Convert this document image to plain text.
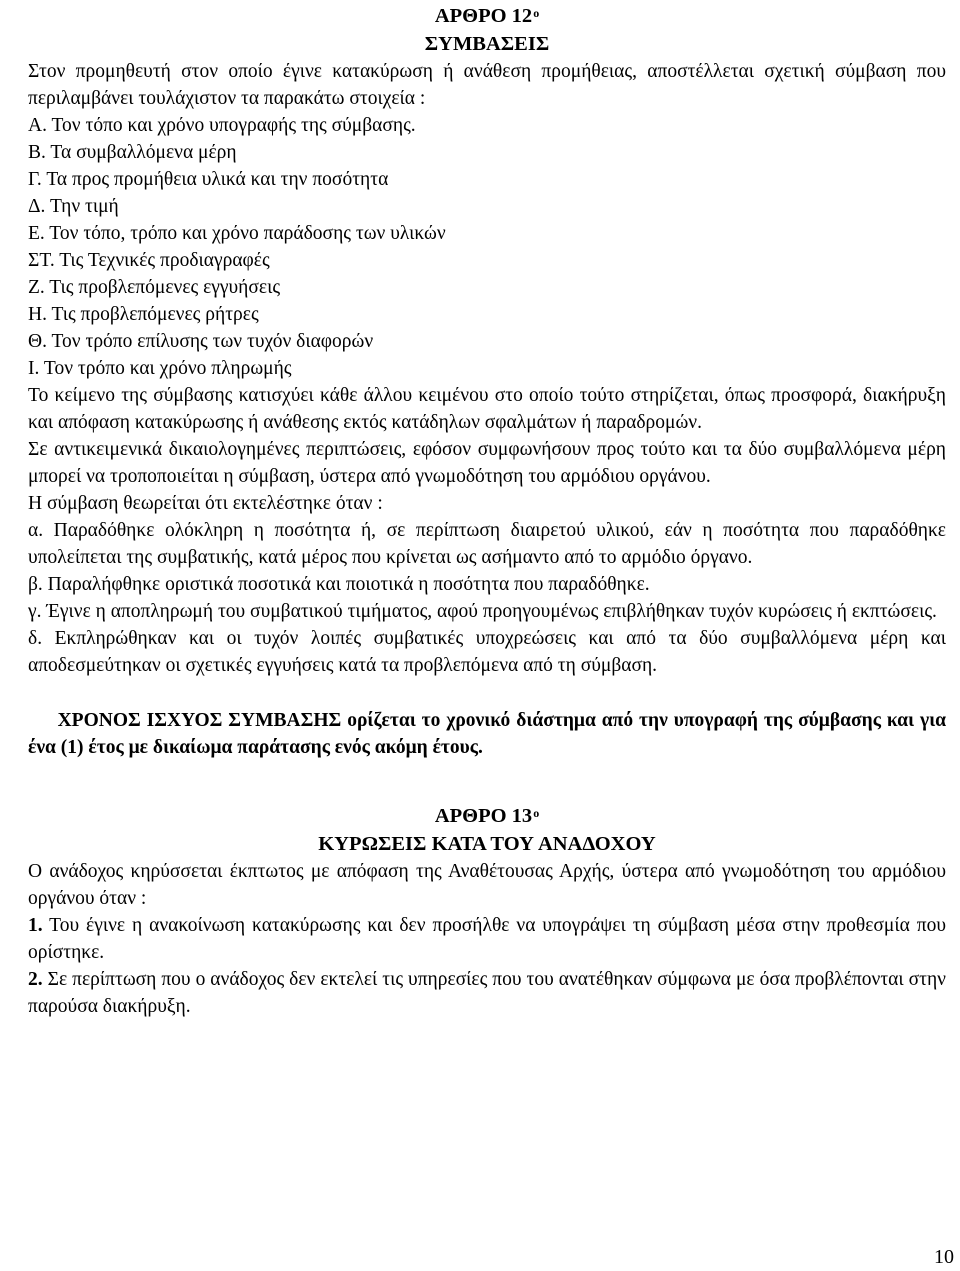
ΑΡΘΡΟ $12^o$
ΣΥΜΒΑΣΕΙΣ

Στον προμηθευτή στον οποίο έγινε κατακύρωση ή ανάθεση προμήθειας, αποστέλλεται σχετική σύμβαση που περιλαμβάνει τουλάχιστον τα παρακάτω στοιχεία :

Α. Τον τόπο και χρόνο υπογραφής της σύμβασης.
Β. Τα συμβαλλόμενα μέρη
Γ. Τα προς προμήθεια υλικά και την ποσότητα
Δ. Την τιμή
Ε. Τον τόπο, τρόπο και χρόνο παράδοσης των υλικών
ΣΤ. Τις Τεχνικές προδιαγραφές
Ζ. Τις προβλεπόμενες εγγυήσεις
Η. Τις προβλεπόμενες ρήτρες
Θ. Τον τρόπο επίλυσης των τυχόν διαφορών
Ι. Τον τρόπο και χρόνο πληρωμής

Το κείμενο της σύμβασης κατισχύει κάθε άλλου κειμένου στο οποίο τούτο στηρίζεται, όπως προσφορά, διακήρυξη και απόφαση κατακύρωσης ή ανάθεσης εκτός κατάδηλων σφαλμάτων ή παραδρομών.

Σε αντικειμενικά δικαιολογημένες περιπτώσεις, εφόσον συμφωνήσουν προς τούτο και τα δύο συμβαλλόμενα μέρη μπορεί να τροποποιείται η σύμβαση, ύστερα από γνωμοδότηση του αρμόδιου οργάνου.

Η σύμβαση θεωρείται ότι εκτελέστηκε όταν :

α. Παραδόθηκε ολόκληρη η ποσότητα ή, σε περίπτωση διαιρετού υλικού, εάν η ποσότητα που παραδόθηκε υπολείπεται της συμβατικής, κατά μέρος που κρίνεται ως ασήμαντο από το αρμόδιο όργανο.

β. Παραλήφθηκε οριστικά ποσοτικά και ποιοτικά η ποσότητα που παραδόθηκε.

γ. Έγινε η αποπληρωμή του συμβατικού τιμήματος, αφού προηγουμένως επιβλήθηκαν τυχόν κυρώσεις ή εκπτώσεις.

δ. Εκπληρώθηκαν και οι τυχόν λοιπές συμβατικές υποχρεώσεις και από τα δύο συμβαλλόμενα μέρη και αποδεσμεύτηκαν οι σχετικές εγγυήσεις κατά τα προβλεπόμενα από τη σύμβαση.

ΧΡΟΝΟΣ ΙΣΧΥΟΣ ΣΥΜΒΑΣΗΣ ορίζεται το χρονικό διάστημα από την υπογραφή της σύμβασης και για ένα (1) έτος με δικαίωμα παράτασης ενός ακόμη έτους.

ΑΡΘΡΟ $13^o$
ΚΥΡΩΣΕΙΣ ΚΑΤΑ ΤΟΥ ΑΝΑΔΟΧΟΥ

Ο ανάδοχος κηρύσσεται έκπτωτος με απόφαση της Αναθέτουσας Αρχής, ύστερα από γνωμοδότηση του αρμόδιου οργάνου όταν :

1. Του έγινε η ανακοίνωση κατακύρωσης και δεν προσήλθε να υπογράψει τη σύμβαση μέσα στην προθεσμία που ορίστηκε.

2. Σε περίπτωση που ο ανάδοχος δεν εκτελεί τις υπηρεσίες που του ανατέθηκαν σύμφωνα με όσα προβλέπονται στην παρούσα διακήρυξη.

10
